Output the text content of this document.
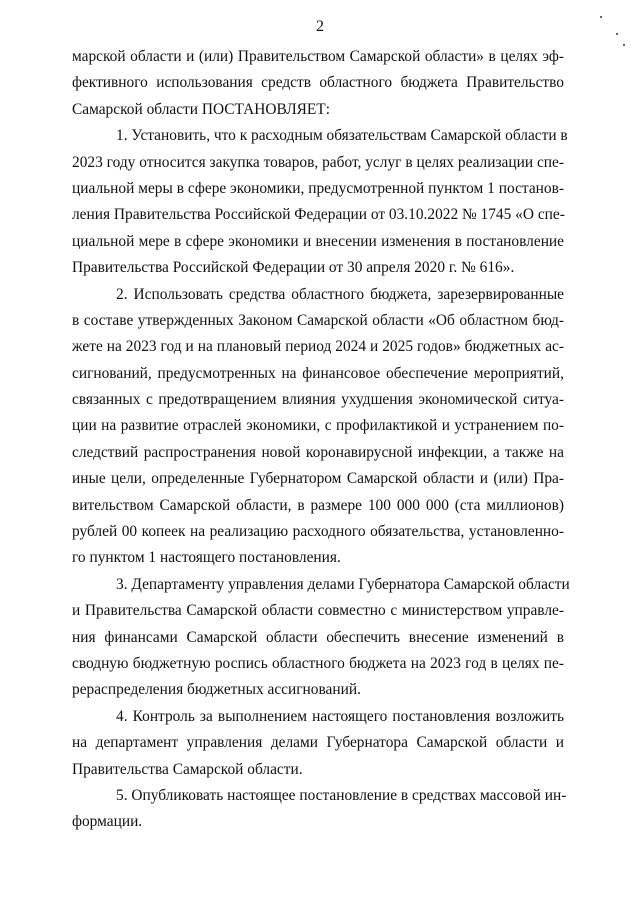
2
марской области и (или) Правительством Самарской области» в целях эф-
фективного использования средств областного бюджета Правительство
Самарской области ПОСТАНОВЛЯЕТ:
1. Установить, что к расходным обязательствам Самарской области в
2023 году относится закупка товаров, работ, услуг в целях реализации спе-
циальной меры в сфере экономики, предусмотренной пунктом 1 постанов-
ления Правительства Российской Федерации от 03.10.2022 № 1745 «О спе-
циальной мере в сфере экономики и внесении изменения в постановление
Правительства Российской Федерации от 30 апреля 2020 г. № 616».
2. Использовать средства областного бюджета, зарезервированные
в составе утвержденных Законом Самарской области «Об областном бюд-
жете на 2023 год и на плановый период 2024 и 2025 годов» бюджетных ас-
сигнований, предусмотренных на финансовое обеспечение мероприятий,
связанных с предотвращением влияния ухудшения экономической ситуа-
ции на развитие отраслей экономики, с профилактикой и устранением по-
следствий распространения новой коронавирусной инфекции, а также на
иные цели, определенные Губернатором Самарской области и (или) Пра-
вительством Самарской области, в размере 100 000 000 (ста миллионов)
рублей 00 копеек на реализацию расходного обязательства, установленно-
го пунктом 1 настоящего постановления.
3. Департаменту управления делами Губернатора Самарской области
и Правительства Самарской области совместно с министерством управле-
ния финансами Самарской области обеспечить внесение изменений в
сводную бюджетную роспись областного бюджета на 2023 год в целях пе-
рераспределения бюджетных ассигнований.
4. Контроль за выполнением настоящего постановления возложить
на департамент управления делами Губернатора Самарской области и
Правительства Самарской области.
5. Опубликовать настоящее постановление в средствах массовой ин-
формации.
